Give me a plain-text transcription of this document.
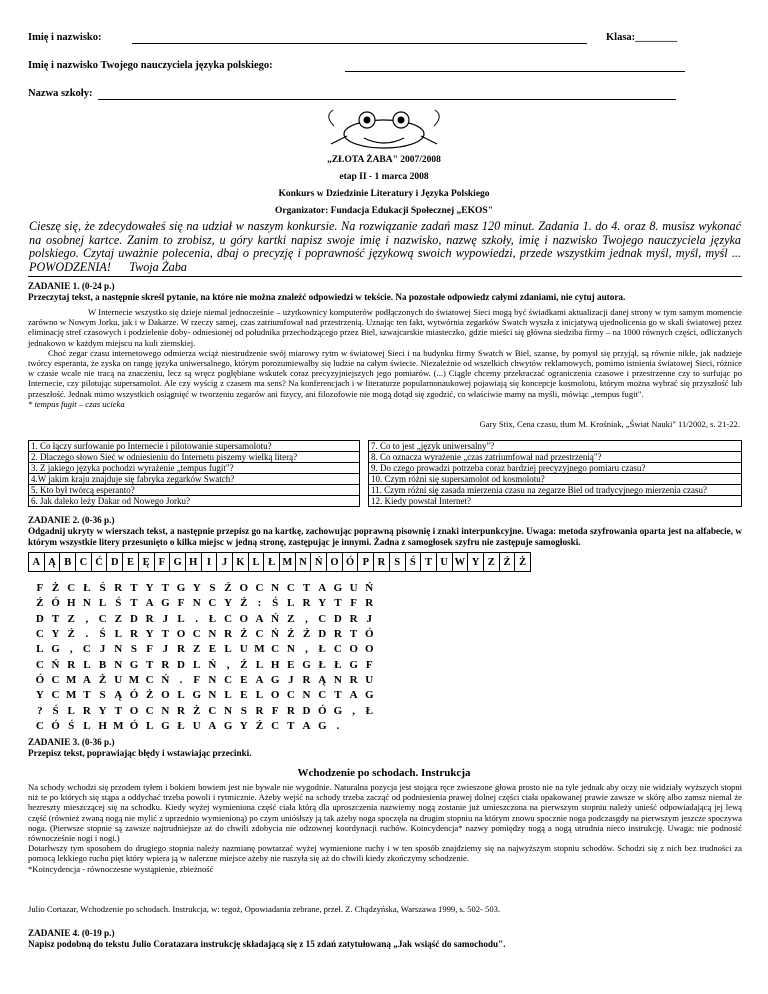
Imię i nazwisko:	Klasa:________
Imię i nazwisko Twojego nauczyciela języka polskiego:
Nazwa szkoły:
„ZŁOTA ŻABA" 2007/2008
etap II - 1 marca 2008
Konkurs w Dziedzinie Literatury i Języka Polskiego
Organizator: Fundacja Edukacji Społecznej „EKOS"
Cieszę się, że zdecydowałeś się na udział w naszym konkursie. Na rozwiązanie zadań masz 120 minut. Zadania 1. do 4. oraz 8. musisz wykonać na osobnej kartce. Zanim to zrobisz, u góry kartki napisz swoje imię i nazwisko, nazwę szkoły, imię i nazwisko Twojego nauczyciela języka polskiego. Czytaj uważnie polecenia, dbaj o precyzję i poprawność językową swoich wypowiedzi, przede wszystkim jednak myśl, myśl, myśl ... POWODZENIA!      Twoja Żaba
ZADANIE 1. (0-24 p.)
Przeczytaj tekst, a następnie skreśl pytanie, na które nie można znaleźć odpowiedzi w tekście. Na pozostałe odpowiedz całymi zdaniami, nie cytuj autora.

W Internecie wszystko się dzieje niemal jednocześnie – użytkownicy komputerów podłączonych do światowej Sieci mogą być świadkami aktualizacji danej strony w tym samym momencie zarówno w Nowym Jorku, jak i w Dakarze. W rzeczy samej, czas zatriumfował nad przestrzenią. Uznając ten fakt, wytwórnia zegarków Swatch wyszła z inicjatywą ujednolicenia go w skali światowej przez eliminację stref czasowych i podzielenie doby- odniesionej od południka przechodzącego przez Biel, szwajcarskie miasteczko, gdzie mieści się główna siedziba firmy – na 1000 równych części, odliczanych jednakowo w każdym miejscu na kuli ziemskiej.

Choć zegar czasu internetowego odmierza wciąż niestrudzenie swój miarowy rytm w światowej Sieci i na budynku firmy Swatch w Biel, szanse, by pomysł się przyjął, są równie nikłe, jak nadzieje twórcy esperanta, że zyska on rangę języka uniwersalnego, którym porozumiewałby się ludzie na całym świecie. Niezależnie od wszelkich chwytów reklamowych, pomimo istnienia światowej Sieci, różnice w czasie wcale nie tracą na znaczeniu, lecz są wręcz pogłębiane wskutek coraz precyzyjniejszych jego pomiarów. (...) Ciągle chcemy przekraczać ograniczenia czasowe i przestrzenne czy to surfując po Internecie, czy pilotując supersamolot. Ale czy wyścig z czasem ma sens? Na konferencjach i w literaturze popularnonaukowej pojawiają się koncepcje kosmolotu, którym można wybrać się przyszłość lub przeszłość. Jednak mimo wszystkich osiągnięć w tworzeniu zegarów ani fizycy, ani filozofowie nie mogą dotąd się zgodzić, co właściwie mamy na myśli, mówiąc „tempus fugit".

* tempus fugit – czas ucieka

Gary Stix, Cena czasu, tłum M. Krośniak, „Świat Nauki" 11/2002, s. 21-22.
1. Co łączy surfowanie po Internecie i pilotowanie supersamolotu?
2. Dlaczego słowo Sieć w odniesieniu do Internetu piszemy wielką literą?
3. Z jakiego języka pochodzi wyrażenie „tempus fugit"?
4.W jakim kraju znajduje się fabryka zegarków Swatch?
5. Kto był twórcą esperanto?
6. Jak daleko leży Dakar od Nowego Jorku?
7. Co to jest „język uniwersalny"?
8. Co oznacza wyrażenie „czas zatriumfował nad przestrzenią"?
9. Do czego prowadzi potrzeba coraz bardziej precyzyjnego pomiaru czasu?
10. Czym różni się supersamolot od kosmolotu?
11. Czym różni się zasada mierzenia czasu na zegarze Biel od tradycyjnego mierzenia czasu?
12. Kiedy powstał Internet?
ZADANIE 2. (0-36 p.)
Odgadnij ukryty w wierszach tekst, a następnie przepisz go na kartkę, zachowując poprawną pisownię i znaki interpunkcyjne. Uwaga: metoda szyfrowania oparta jest na alfabecie, w którym wszystkie litery przesunięto o kilka miejsc w jedną stronę, zastępując je innymi. Żadna z samogłosek szyfru nie zastępuje samogłoski.
A	Ą	B	C	Ć	D	E	Ę	F	G	H	I	J	K	L	Ł	M	N	Ń	O	Ó	P	R	S	Ś	T	U	W	Y	Z	Ź	Ż
F	Ż	C	Ł	Ś	R	T	Y	T	G	Y	S	Ź	O	C	N	C	T	A	G	U	Ń
Ź	Ó	H	N	L	Ś	T	A	G	F	N	C	Y	Ź	:	Ś	L	R	Y	T	F	R
D	T	Z	,	C	Z	D	R	J	L	.	Ł	C	O	A	Ń	Z	,	C	D	R	J
C	Y	Ź	.	Ś	L	R	Y	T	O	C	N	R	Ź	C	Ń	Ź	Ź	D	R	T	Ó
L	G	,	C	J	N	S	F	J	R	Z	E	L	U	M	C	N	,	Ł	C	O	O
C	Ń	R	L	B	N	G	T	R	D	L	Ń	,	Ź	L	H	E	G	Ł	Ł	G	F
Ó	C	M	A	Ż	U	M	C	Ń	.	F	N	C	E	A	G	J	R	Ą	N	R	U
Y	C	M	T	S	Ą	Ó	Ż	O	L	G	N	L	E	L	O	C	N	C	T	A	G
?	Ś	L	R	Y	T	O	C	N	R	Ż	C	N	S	R	F	R	D	Ó	G	,	Ł
C	Ó	Ś	L	H	M	Ó	L	G	Ł	U	A	G	Y	Ź	C	T	A	G	.		
ZADANIE 3. (0-36 p.)
Przepisz tekst, poprawiając błędy i wstawiając przecinki.
Wchodzenie po schodach. Instrukcja

Na schody wchodzi się przodem tyłem i bokiem bowiem jest nie bywale nie wygodnie. Naturalna pozycja jest stojąca ręce zwieszone głowa prosto nie na tyle jednak aby oczy nie widziały wyższych stopni niż te po których się stąpa a oddychać trzeba powoli i rytmicznie. Ażeby wejść na schody trzeba zacząć od podniesienia prawej dolnej części ciała opakowanej prawie zawsze w skórę albo zamsz niemal że bezreszty mieszczącej się na schodku. Kiedy wyżej wymieniona część ciała którą dla uproszczenia nazwiemy nogą zostanie już umieszczona na pierwszym stopniu należy unieść odpowiadającą jej lewą część (również zwaną nogą nie mylić z uprzednio wymienioną) po czym uniósłszy ją tak ażeby noga spoczęła na drugim stopniu na którym znowu spocznie noga podczasgdy na pierwszym jeszcze spoczywa noga. (Pierwsze stopnie są zawsze najtrudniejsze aż do chwili zdobycia nie odzownej koordynacji ruchów. Koincydencja* nazwy pomiędzy nogą a nogą utrudnia nieco instrukcję. Uwaga: nie podnosić równocześnie nogi i nogi.)

Dotarłwszy tym sposobem do drugiego stopnia należy nazmianę powtarzać wyżej wymienione ruchy i w ten sposób znajdziemy się na najwyższym stopniu schodów. Schodzi się z nich bez trudności za pomocą lekkiego ruchu pięt który wpiera ją w nalerzne miejsce ażeby nie ruszyła się aż do chwili kiedy zkończymy schodzenie.

*Koincydencja - równoczesne wystąpienie, zbieżność

Julio Cortazar, Wchodzenie po schodach. Instrukcja, w: tegoż, Opowiadania zebrane, przeł. Z. Chądzyńska, Warszawa 1999, s. 502- 503.
ZADANIE 4. (0-19 p.)
Napisz podobną do tekstu Julio Coratazara instrukcję składającą się z 15 zdań zatytułowaną „Jak wsiąść do samochodu".
